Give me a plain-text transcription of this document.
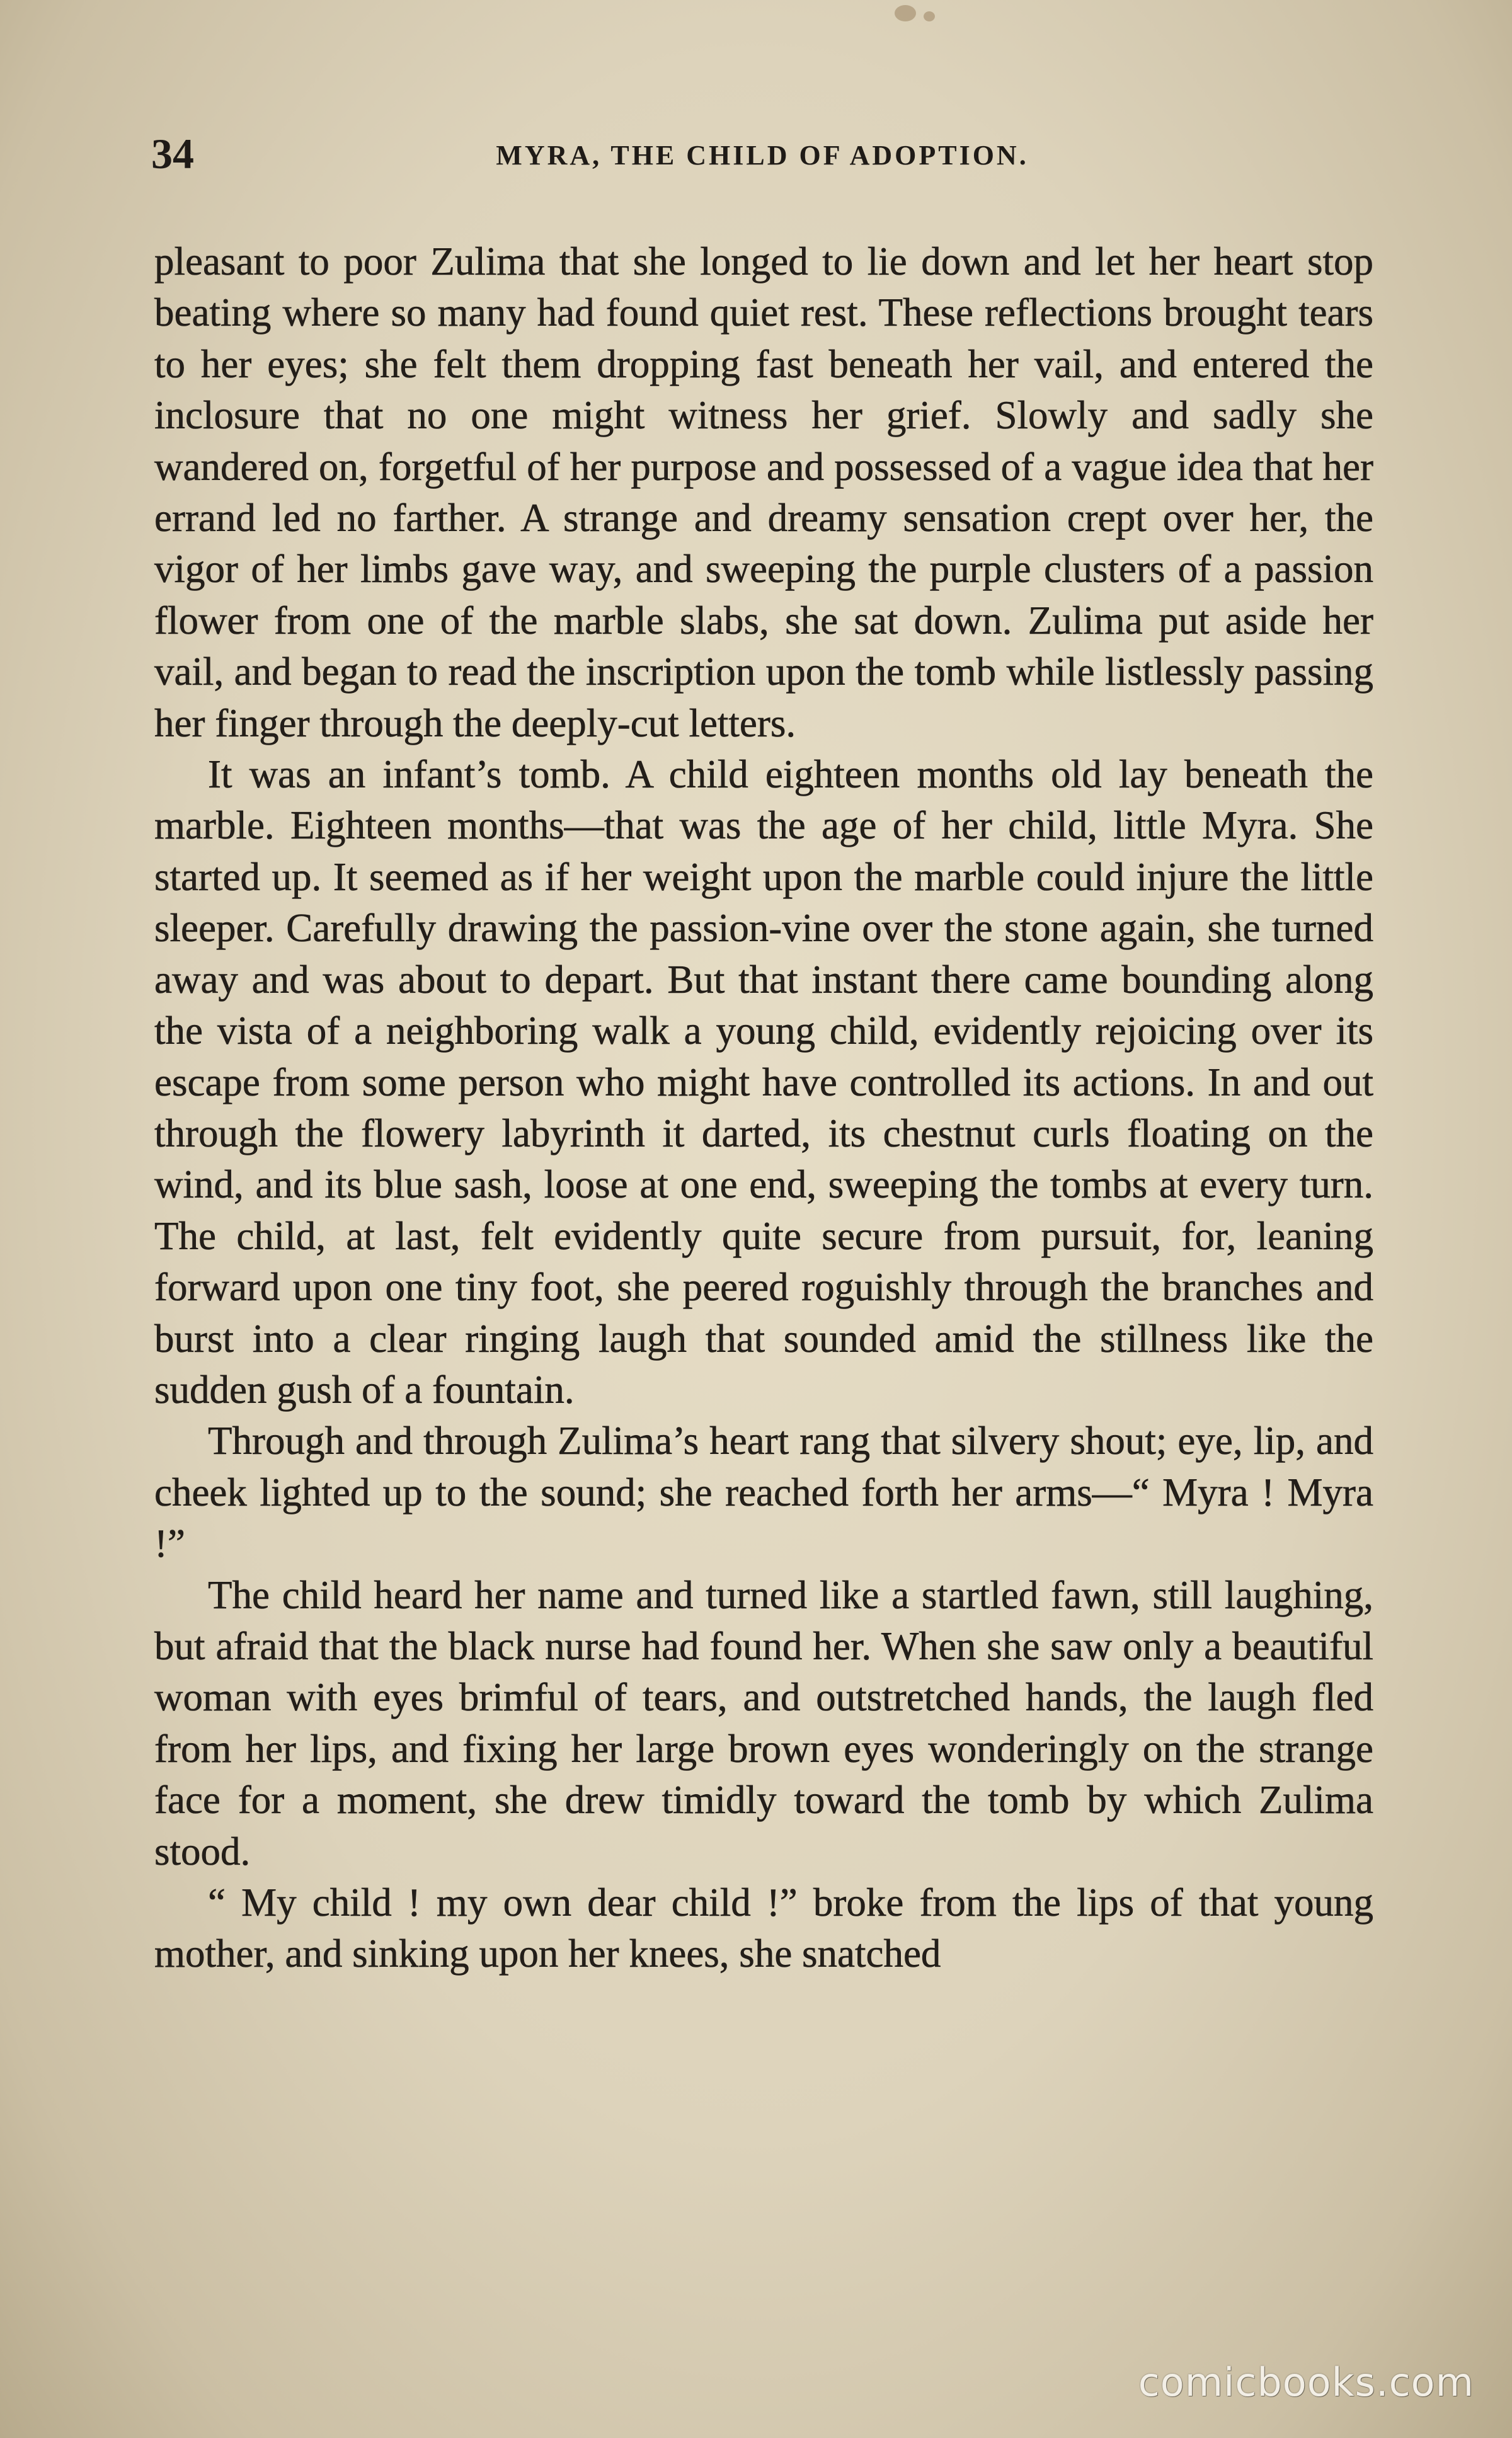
34	MYRA, THE CHILD OF ADOPTION.

pleasant to poor Zulima that she longed to lie down and let her heart stop beating where so many had found quiet rest. These reflections brought tears to her eyes; she felt them dropping fast beneath her vail, and entered the inclosure that no one might witness her grief. Slowly and sadly she wandered on, forgetful of her purpose and possessed of a vague idea that her errand led no farther. A strange and dreamy sensation crept over her, the vigor of her limbs gave way, and sweeping the purple clusters of a passion flower from one of the marble slabs, she sat down. Zulima put aside her vail, and began to read the inscription upon the tomb while listlessly passing her finger through the deeply-cut letters.

It was an infant’s tomb. A child eighteen months old lay beneath the marble. Eighteen months—that was the age of her child, little Myra. She started up. It seemed as if her weight upon the marble could injure the little sleeper. Carefully drawing the passion-vine over the stone again, she turned away and was about to depart. But that instant there came bounding along the vista of a neighboring walk a young child, evidently rejoicing over its escape from some person who might have controlled its actions. In and out through the flowery labyrinth it darted, its chestnut curls floating on the wind, and its blue sash, loose at one end, sweeping the tombs at every turn. The child, at last, felt evidently quite secure from pursuit, for, leaning forward upon one tiny foot, she peered roguishly through the branches and burst into a clear ringing laugh that sounded amid the stillness like the sudden gush of a fountain.

Through and through Zulima’s heart rang that silvery shout; eye, lip, and cheek lighted up to the sound; she reached forth her arms—“ Myra ! Myra !”

The child heard her name and turned like a startled fawn, still laughing, but afraid that the black nurse had found her. When she saw only a beautiful woman with eyes brimful of tears, and outstretched hands, the laugh fled from her lips, and fixing her large brown eyes wonderingly on the strange face for a moment, she drew timidly toward the tomb by which Zulima stood.

“ My child ! my own dear child !” broke from the lips of that young mother, and sinking upon her knees, she snatched

comicbooks.com
